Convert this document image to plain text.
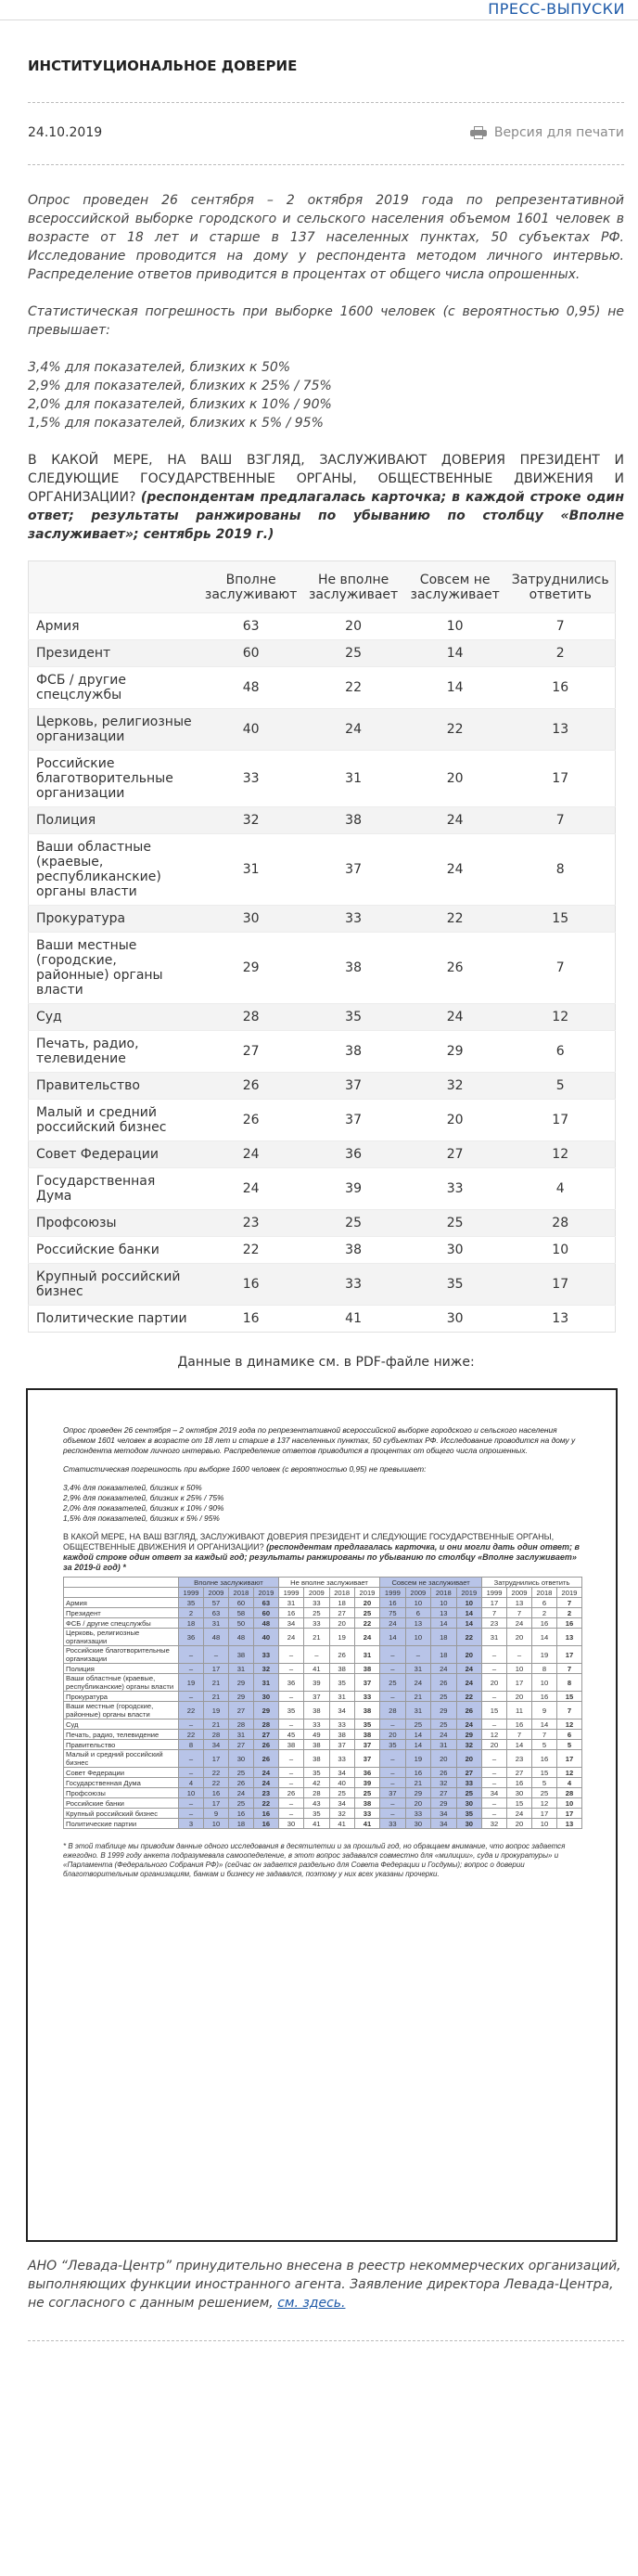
ПРЕСС-ВЫПУСКИ
ИНСТИТУЦИОНАЛЬНОЕ ДОВЕРИЕ
24.10.2019	Версия для печати

Опрос проведен 26 сентября – 2 октября 2019 года по репрезентативной всероссийской выборке городского и сельского населения объемом 1601 человек в возрасте от 18 лет и старше в 137 населенных пунктах, 50 субъектах РФ. Исследование проводится на дому у респондента методом личного интервью. Распределение ответов приводится в процентах от общего числа опрошенных.

Статистическая погрешность при выборке 1600 человек (с вероятностью 0,95) не превышает:

3,4% для показателей, близких к 50%
2,9% для показателей, близких к 25% / 75%
2,0% для показателей, близких к 10% / 90%
1,5% для показателей, близких к 5% / 95%

В КАКОЙ МЕРЕ, НА ВАШ ВЗГЛЯД, ЗАСЛУЖИВАЮТ ДОВЕРИЯ ПРЕЗИДЕНТ И СЛЕДУЮЩИЕ ГОСУДАРСТВЕННЫЕ ОРГАНЫ, ОБЩЕСТВЕННЫЕ ДВИЖЕНИЯ И ОРГАНИЗАЦИИ? (респондентам предлагалась карточка; в каждой строке один ответ; результаты ранжированы по убыванию по столбцу «Вполне заслуживает»; сентябрь 2019 г.)

	Вполне заслуживают	Не вполне заслуживает	Совсем не заслуживает	Затруднились ответить
Армия	63	20	10	7
Президент	60	25	14	2
ФСБ / другие спецслужбы	48	22	14	16
Церковь, религиозные организации	40	24	22	13
Российские благотворительные организации	33	31	20	17
Полиция	32	38	24	7
Ваши областные (краевые, республиканские) органы власти	31	37	24	8
Прокуратура	30	33	22	15
Ваши местные (городские, районные) органы власти	29	38	26	7
Суд	28	35	24	12
Печать, радио, телевидение	27	38	29	6
Правительство	26	37	32	5
Малый и средний российский бизнес	26	37	20	17
Совет Федерации	24	36	27	12
Государственная Дума	24	39	33	4
Профсоюзы	23	25	25	28
Российские банки	22	38	30	10
Крупный российский бизнес	16	33	35	17
Политические партии	16	41	30	13
Данные в динамике см. в PDF-файле ниже:
Опрос проведен 26 сентября – 2 октября 2019 года по репрезентативной всероссийской выборке городского и сельского населения объемом 1601 человек в возрасте от 18 лет и старше в 137 населенных пунктах, 50 субъектах РФ. Исследование проводится на дому у респондента методом личного интервью. Распределение ответов приводится в процентах от общего числа опрошенных.
Статистическая погрешность при выборке 1600 человек (с вероятностью 0,95) не превышает:
3,4% для показателей, близких к 50%
2,9% для показателей, близких к 25% / 75%
2,0% для показателей, близких к 10% / 90%
1,5% для показателей, близких к 5% / 95%
В КАКОЙ МЕРЕ, НА ВАШ ВЗГЛЯД, ЗАСЛУЖИВАЮТ ДОВЕРИЯ ПРЕЗИДЕНТ И СЛЕДУЮЩИЕ ГОСУДАРСТВЕННЫЕ ОРГАНЫ, ОБЩЕСТВЕННЫЕ ДВИЖЕНИЯ И ОРГАНИЗАЦИИ? (респондентам предлагалась карточка, и они могли дать один ответ; в каждой строке один ответ за каждый год; результаты ранжированы по убыванию по столбцу «Вполне заслуживает» за 2019-й год) *
	Вполне заслуживают				Не вполне заслуживает				Совсем не заслуживает				Затруднились ответить			
	1999	2009	2018	2019	1999	2009	2018	2019	1999	2009	2018	2019	1999	2009	2018	2019
Армия	35	57	60	63	31	33	18	20	16	10	10	10	17	13	6	7
Президент	2	63	58	60	16	25	27	25	75	6	13	14	7	7	2	2
ФСБ / другие спецслужбы	18	31	50	48	34	33	20	22	24	13	14	14	23	24	16	16
Церковь, религиозные организации	36	48	48	40	24	21	19	24	14	10	18	22	31	20	14	13
Российские благотворительные организации	–	–	38	33	–	–	26	31	–	–	18	20	–	–	19	17
Полиция	–	17	31	32	–	41	38	38	–	31	24	24	–	10	8	7
Ваши областные (краевые, республиканские) органы власти	19	21	29	31	36	39	35	37	25	24	26	24	20	17	10	8
Прокуратура	–	21	29	30	–	37	31	33	–	21	25	22	–	20	16	15
Ваши местные (городские, районные) органы власти	22	19	27	29	35	38	34	38	28	31	29	26	15	11	9	7
Суд	–	21	28	28	–	33	33	35	–	25	25	24	–	16	14	12
Печать, радио, телевидение	22	28	31	27	45	49	38	38	20	14	24	29	12	7	7	6
Правительство	8	34	27	26	38	38	37	37	35	14	31	32	20	14	5	5
Малый и средний российский бизнес	–	17	30	26	–	38	33	37	–	19	20	20	–	23	16	17
Совет Федерации	–	22	25	24	–	35	34	36	–	16	26	27	–	27	15	12
Государственная Дума	4	22	26	24	–	42	40	39	–	21	32	33	–	16	5	4
Профсоюзы	10	16	24	23	26	28	25	25	37	29	27	25	34	30	25	28
Российские банки	–	17	25	22	–	43	34	38	–	20	29	30	–	15	12	10
Крупный российский бизнес	–	9	16	16	–	35	32	33	–	33	34	35	–	24	17	17
Политические партии	3	10	18	16	30	41	41	41	33	30	34	30	32	20	10	13
* В этой таблице мы приводим данные одного исследования в десятилетии и за прошлый год, но обращаем внимание, что вопрос задается ежегодно. В 1999 году анкета подразумевала самоопеделение, в этот вопрос задавался совместно для «милиции», суда и прокуратуры» и «Парламента (Федерального Собрания РФ)» (сейчас он задается раздельно для Совета Федерации и Госдумы); вопрос о доверии благотворительным организациям, банкам и бизнесу не задавался, поэтому у них всех указаны прочерки.
АНО “Левада-Центр” принудительно внесена в реестр некоммерческих организаций, выполняющих функции иностранного агента. Заявление директора Левада-Центра, не согласного с данным решением, см. здесь.
